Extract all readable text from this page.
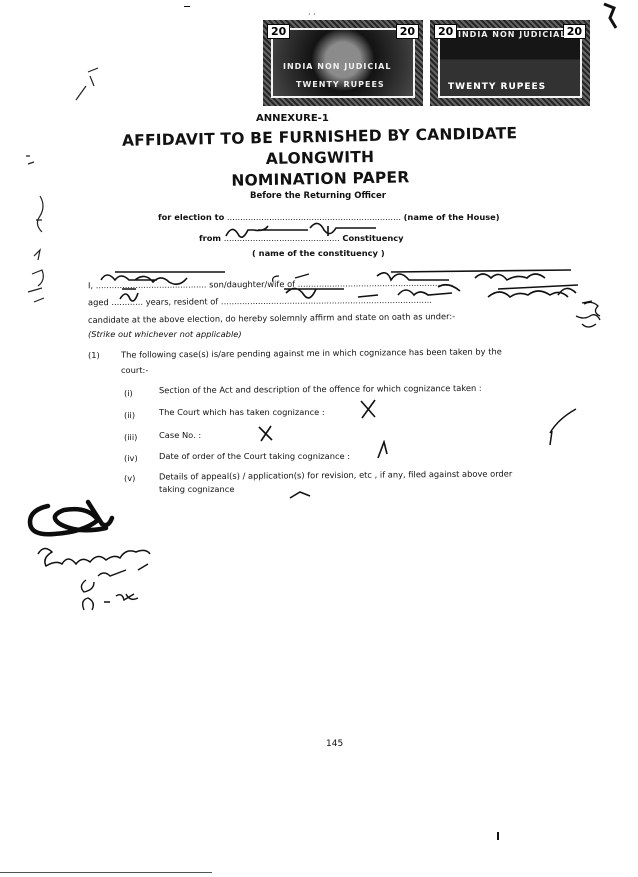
· ·
20	20	20	20
TWENTY RUPEES
INDIA NON JUDICIAL
INDIA NON JUDICIAL
TWENTY RUPEES
ANNEXURE-1
AFFIDAVIT TO BE FURNISHED BY CANDIDATE ALONGWITH
NOMINATION PAPER
Before the Returning Officer
for election to .................................................................. (name of the House)
from ............................................ Constituency
( name of the constituency )
I, .......................................... son/daughter/wife of ...........................................................
aged ............ years, resident of ................................................................................
candidate at the above election, do hereby solemnly affirm and state on oath as under:-
(Strike out whichever not applicable)
(1)	The following case(s) is/are pending against me in which cognizance has been taken by the
court:-
(i)	Section of the Act and description of the offence for which cognizance taken :
(ii)	The Court which has taken cognizance :
(iii)	Case No. :
(iv)	Date of order of the Court taking cognizance :
(v)	Details of appeal(s) / application(s) for revision, etc , if any, filed against above order
taking cognizance
145
